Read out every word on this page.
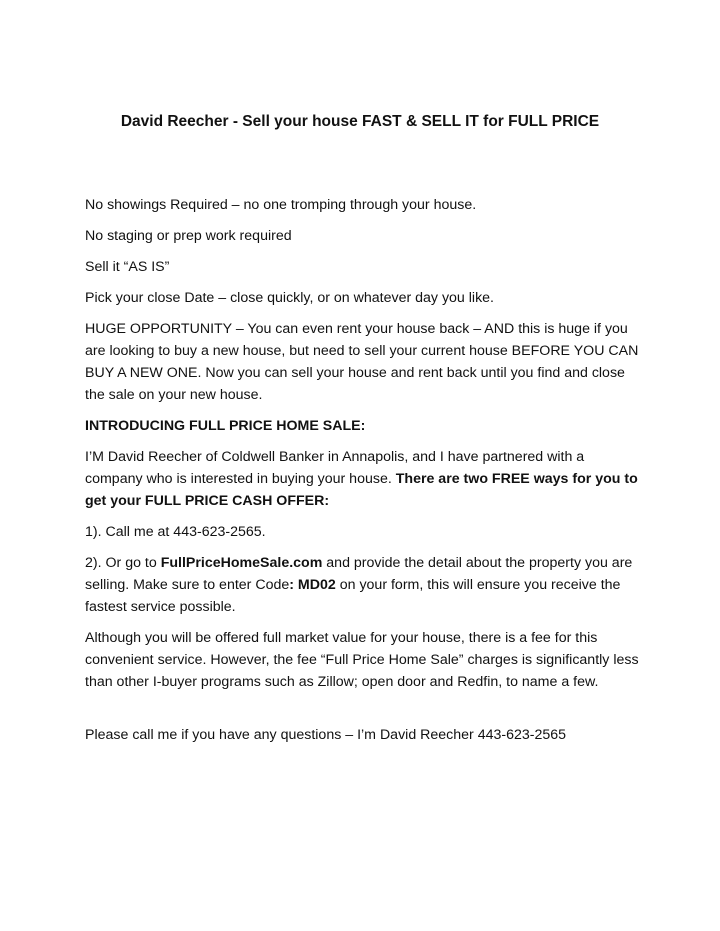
David Reecher - Sell your house FAST & SELL IT for FULL PRICE

No showings Required – no one tromping through your house.

No staging or prep work required

Sell it “AS IS”

Pick your close Date – close quickly, or on whatever day you like.

HUGE OPPORTUNITY – You can even rent your house back – AND this is huge if you are looking to buy a new house, but need to sell your current house BEFORE YOU CAN BUY A NEW ONE. Now you can sell your house and rent back until you find and close the sale on your new house.

INTRODUCING FULL PRICE HOME SALE:

I’M David Reecher of Coldwell Banker in Annapolis, and I have partnered with a company who is interested in buying your house. There are two FREE ways for you to get your FULL PRICE CASH OFFER:

1). Call me at 443-623-2565.

2). Or go to FullPriceHomeSale.com and provide the detail about the property you are selling. Make sure to enter Code: MD02 on your form, this will ensure you receive the fastest service possible.

Although you will be offered full market value for your house, there is a fee for this convenient service. However, the fee “Full Price Home Sale” charges is significantly less than other I-buyer programs such as Zillow; open door and Redfin, to name a few.

Please call me if you have any questions – I’m David Reecher 443-623-2565
